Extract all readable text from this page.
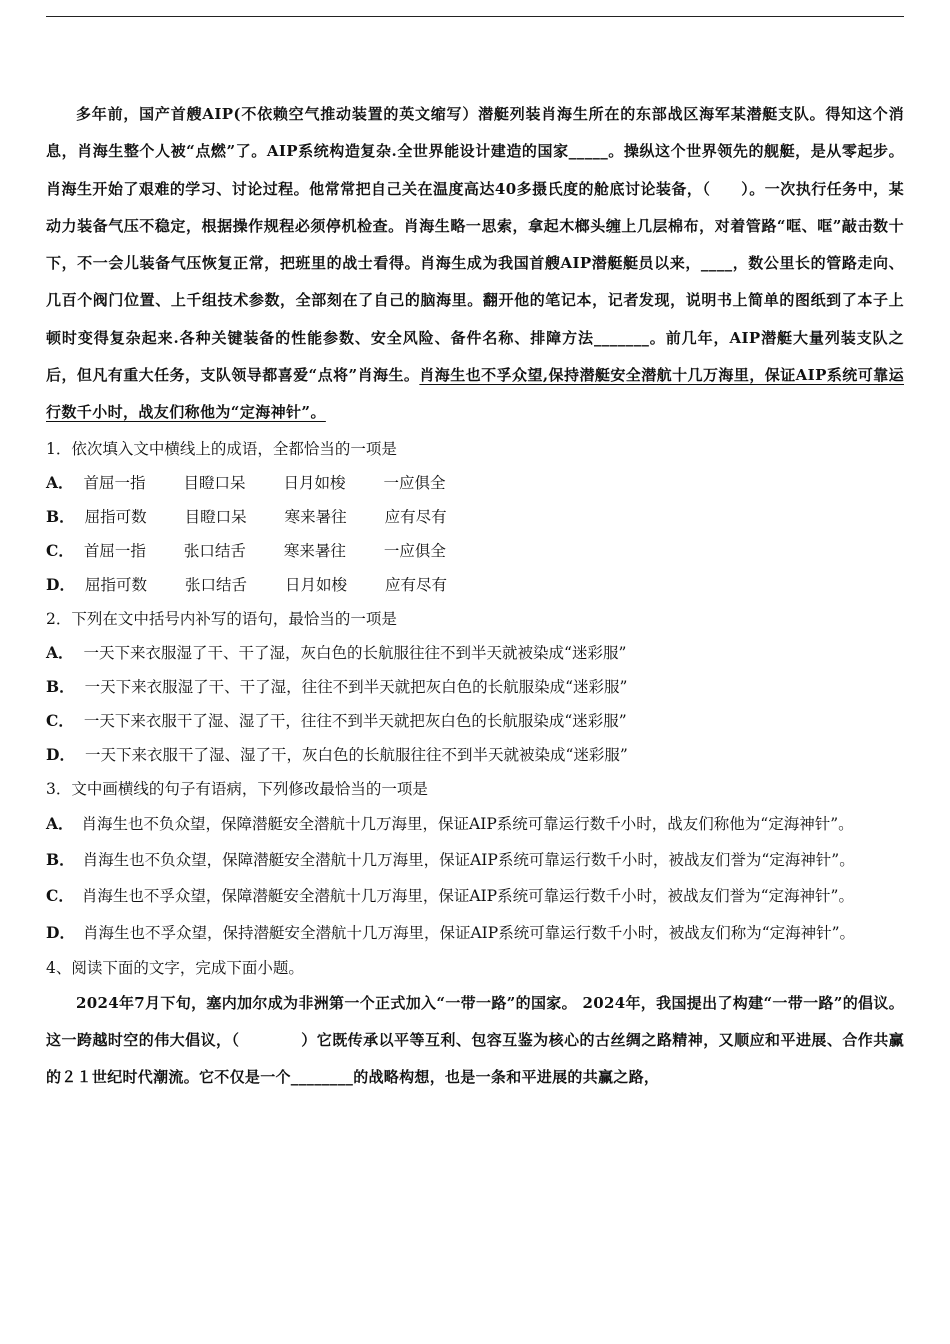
多年前，国产首艘AIP(不依赖空气推动装置的英文缩写）潜艇列装肖海生所在的东部战区海军某潜艇支队。得知这个消息，肖海生整个人被“点燃”了。AIP系统构造复杂.全世界能设计建造的国家_____。操纵这个世界领先的舰艇，是从零起步。肖海生开始了艰难的学习、讨论过程。他常常把自己关在温度高达40多摄氏度的舱底讨论装备，（　　）。一次执行任务中，某动力装备气压不稳定，根据操作规程必须停机检查。肖海生略一思索，拿起木榔头缠上几层棉布，对着管路“哐、哐”敲击数十下，不一会儿装备气压恢复正常，把班里的战士看得。肖海生成为我国首艘AIP潜艇艇员以来，____，数公里长的管路走向、几百个阀门位置、上千组技术参数，全部刻在了自己的脑海里。翻开他的笔记本，记者发现，说明书上简单的图纸到了本子上顿时变得复杂起来.各种关键装备的性能参数、安全风险、备件名称、排障方法_______。前几年，AIP潜艇大量列装支队之后，但凡有重大任务，支队领导都喜爱“点将”肖海生。肖海生也不孚众望,保持潜艇安全潜航十几万海里，保证AIP系统可靠运行数千小时，战友们称他为“定海神针”。

1．依次填入文中横线上的成语，全都恰当的一项是

A． 首屈一指	目瞪口呆	日月如梭	一应俱全

B． 屈指可数	目瞪口呆	寒来暑往	应有尽有

C． 首屈一指	张口结舌	寒来暑往	一应俱全

D． 屈指可数	张口结舌	日月如梭	应有尽有

2．下列在文中括号内补写的语句，最恰当的一项是

A． 一天下来衣服湿了干、干了湿，灰白色的长航服往往不到半天就被染成“迷彩服”

B． 一天下来衣服湿了干、干了湿，往往不到半天就把灰白色的长航服染成“迷彩服”

C． 一天下来衣服干了湿、湿了干，往往不到半天就把灰白色的长航服染成“迷彩服”

D． 一天下来衣服干了湿、湿了干，灰白色的长航服往往不到半天就被染成“迷彩服”

3．文中画横线的句子有语病，下列修改最恰当的一项是

A． 肖海生也不负众望，保障潜艇安全潜航十几万海里，保证AIP系统可靠运行数千小时，战友们称他为“定海神针”。

B． 肖海生也不负众望，保障潜艇安全潜航十几万海里，保证AIP系统可靠运行数千小时，被战友们誉为“定海神针”。

C． 肖海生也不孚众望，保障潜艇安全潜航十几万海里，保证AIP系统可靠运行数千小时，被战友们誉为“定海神针”。

D． 肖海生也不孚众望，保持潜艇安全潜航十几万海里，保证AIP系统可靠运行数千小时，被战友们称为“定海神针”。

4、阅读下面的文字，完成下面小题。

2024年7月下旬，塞内加尔成为非洲第一个正式加入“一带一路”的国家。 2024年，我国提出了构建“一带一路”的倡议。这一跨越时空的伟大倡议，（　　　　）它既传承以平等互利、包容互鉴为核心的古丝绸之路精神，又顺应和平进展、合作共赢的２１世纪时代潮流。它不仅是一个________的战略构想，也是一条和平进展的共赢之路，
